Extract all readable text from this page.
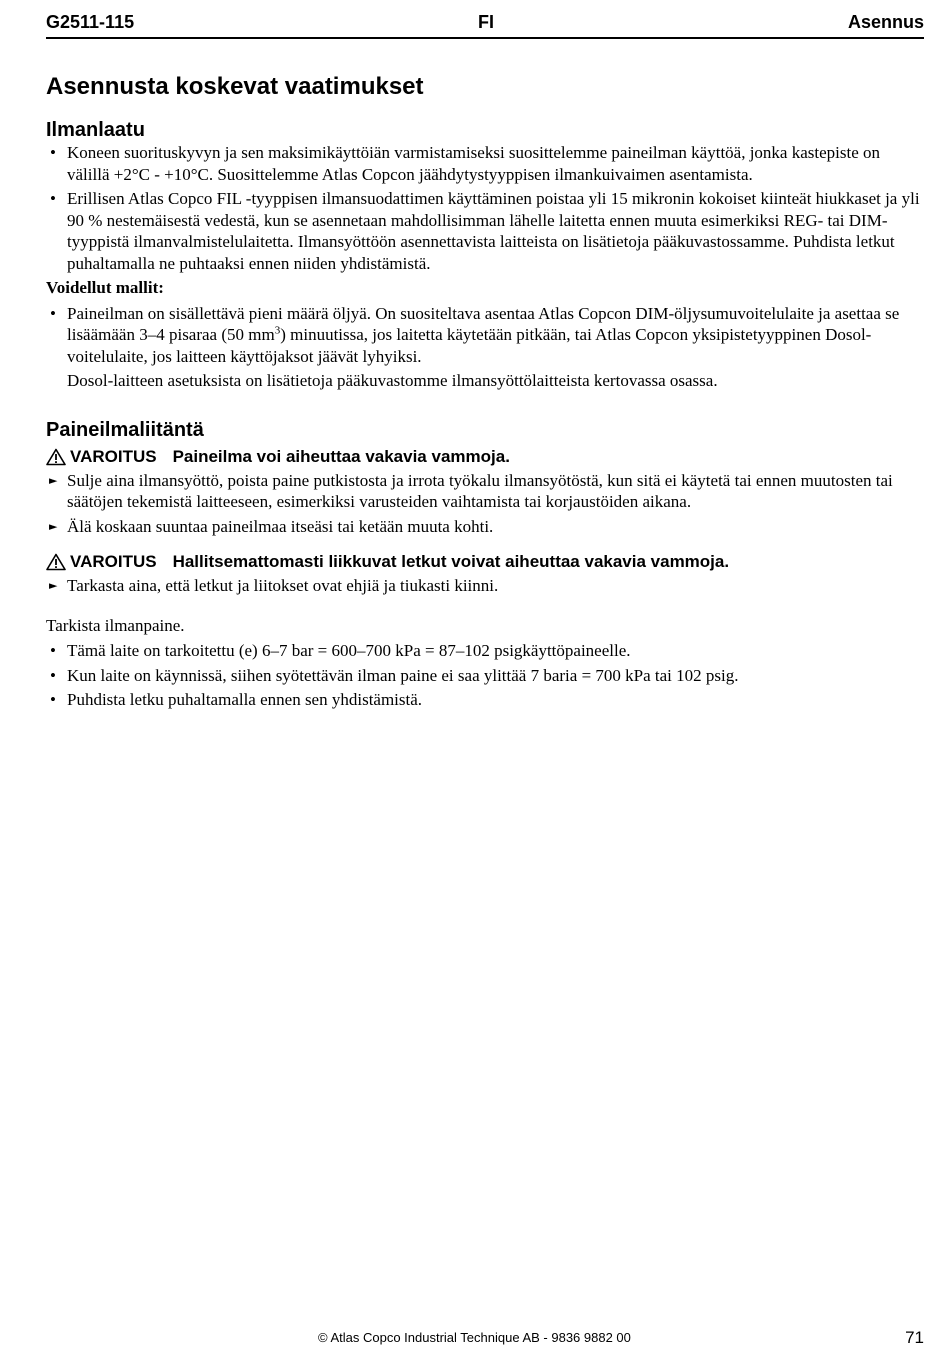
G2511-115	FI	Asennus
Asennusta koskevat vaatimukset
Ilmanlaatu
• Koneen suorituskyvyn ja sen maksimikäyttöiän varmistamiseksi suosittelemme paineilman käyttöä, jonka kastepiste on välillä +2°C - +10°C. Suosittelemme Atlas Copcon jäähdytystyyppisen ilmankuivaimen asentamista.
• Erillisen Atlas Copco FIL -tyyppisen ilmansuodattimen käyttäminen poistaa yli 15 mikronin kokoiset kiinteät hiukkaset ja yli 90 % nestemäisestä vedestä, kun se asennetaan mahdollisimman lähelle laitetta ennen muuta esimerkiksi REG- tai DIM-tyyppistä ilmanvalmistelulaitetta. Ilmansyöttöön asennettavista laitteista on lisätietoja pääkuvastossamme. Puhdista letkut puhaltamalla ne puhtaaksi ennen niiden yhdistämistä.

Voidellut mallit:

• Paineilman on sisällettävä pieni määrä öljyä. On suositeltava asentaa Atlas Copcon DIM-öljysumuvoitelulaite ja asettaa se lisäämään 3–4 pisaraa (50 $mm^3$) minuutissa, jos laitetta käytetään pitkään, tai Atlas Copcon yksipistetyyppinen Dosol-voitelulaite, jos laitteen käyttöjaksot jäävät lyhyiksi.

Dosol-laitteen asetuksista on lisätietoja pääkuvastomme ilmansyöttölaitteista kertovassa osassa.

Paineilmaliitäntä
VAROITUS Paineilma voi aiheuttaa vakavia vammoja.
► Sulje aina ilmansyöttö, poista paine putkistosta ja irrota työkalu ilmansyötöstä, kun sitä ei käytetä tai ennen muutosten tai säätöjen tekemistä laitteeseen, esimerkiksi varusteiden vaihtamista tai korjaustöiden aikana.
► Älä koskaan suuntaa paineilmaa itseäsi tai ketään muuta kohti.
VAROITUS Hallitsemattomasti liikkuvat letkut voivat aiheuttaa vakavia vammoja.
► Tarkasta aina, että letkut ja liitokset ovat ehjiä ja tiukasti kiinni.

Tarkista ilmanpaine.

• Tämä laite on tarkoitettu (e) 6–7 bar = 600–700 kPa = 87–102 psigkäyttöpaineelle.
• Kun laite on käynnissä, siihen syötettävän ilman paine ei saa ylittää 7 baria = 700 kPa tai 102 psig.
• Puhdista letku puhaltamalla ennen sen yhdistämistä.
© Atlas Copco Industrial Technique AB - 9836 9882 00	71
